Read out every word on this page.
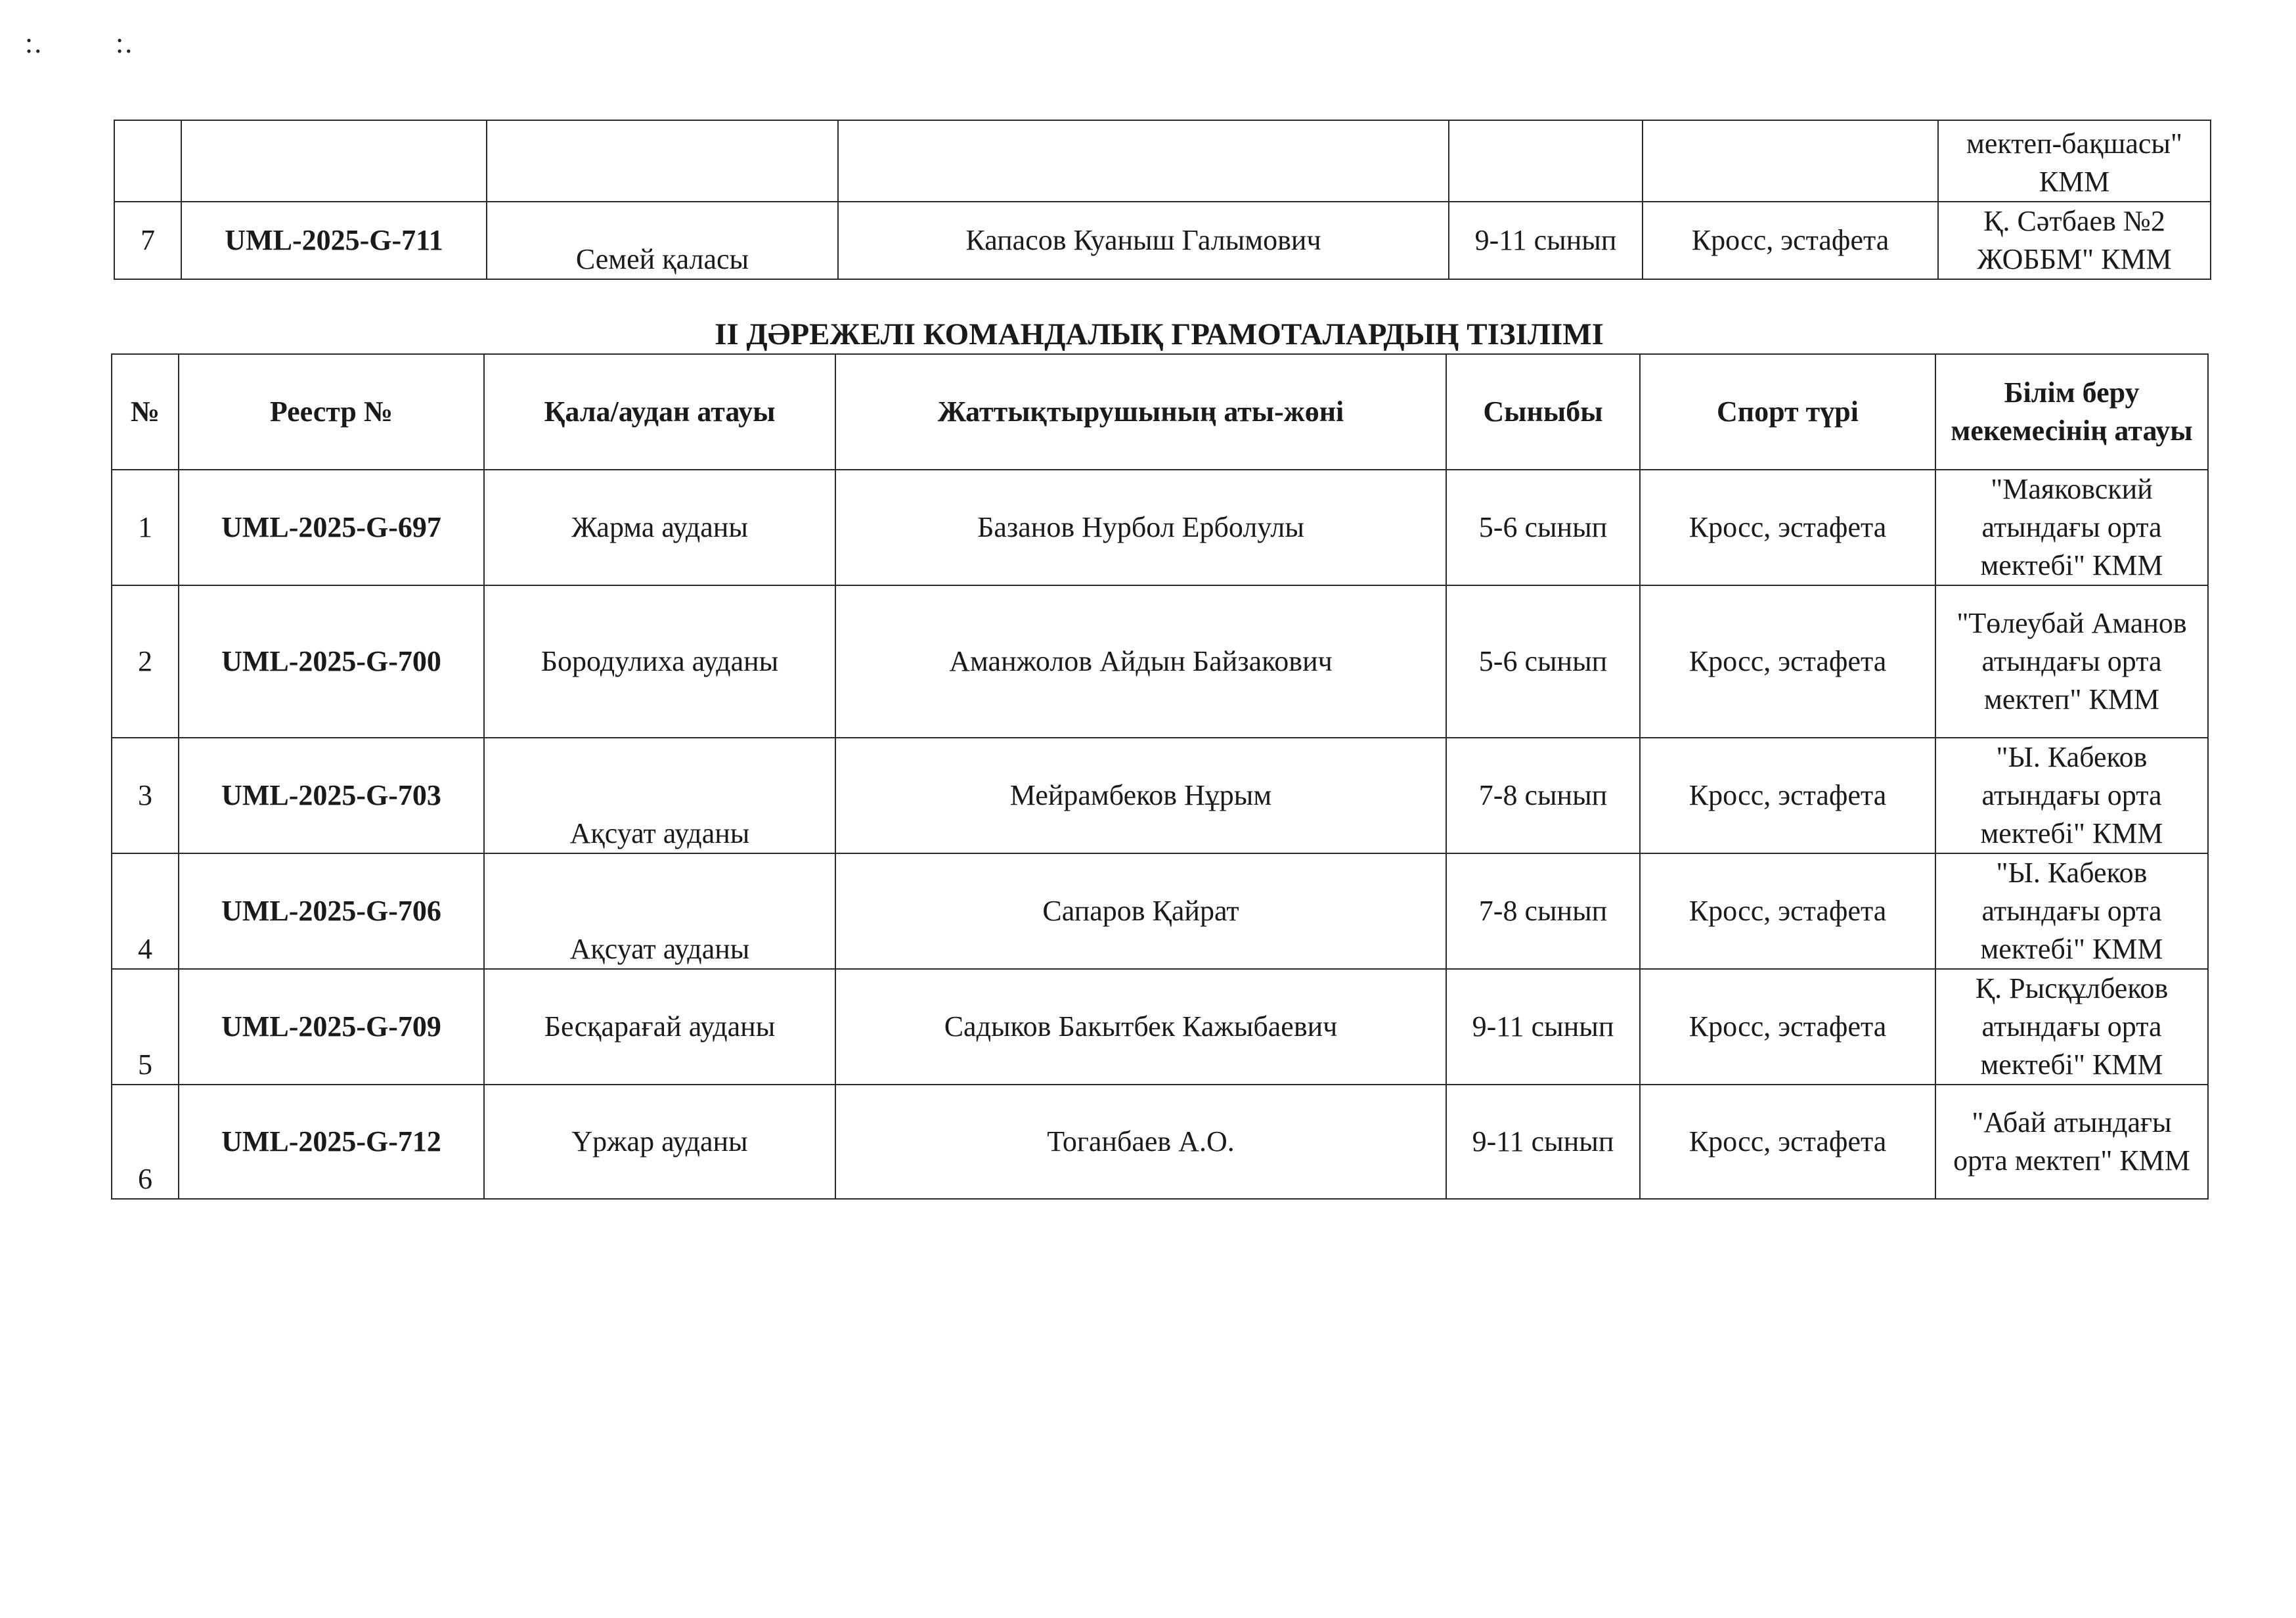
:.	:.
						мектеп-бақшасы" КММ
7	UML-2025-G-711	Семей қаласы	Капасов Куаныш Галымович	9-11 сынып	Кросс, эстафета	Қ. Сәтбаев №2 ЖОББМ" КММ
II ДӘРЕЖЕЛІ КОМАНДАЛЫҚ ГРАМОТАЛАРДЫҢ ТІЗІЛІМІ
№	Реестр №	Қала/аудан атауы	Жаттықтырушының аты-жөні	Сыныбы	Спорт түрі	Білім беру мекемесінің атауы
1	UML-2025-G-697	Жарма ауданы	Базанов Нурбол Ерболулы	5-6 сынып	Кросс, эстафета	"Маяковский атындағы орта мектебі" КММ
2	UML-2025-G-700	Бородулиха ауданы	Аманжолов Айдын Байзакович	5-6 сынып	Кросс, эстафета	"Төлеубай Аманов атындағы орта мектеп" КММ
3	UML-2025-G-703	Ақсуат ауданы	Мейрамбеков Нұрым	7-8 сынып	Кросс, эстафета	"Ы. Кабеков атындағы орта мектебі" КММ
4	UML-2025-G-706	Ақсуат ауданы	Сапаров Қайрат	7-8 сынып	Кросс, эстафета	"Ы. Кабеков атындағы орта мектебі" КММ
5	UML-2025-G-709	Бесқарағай ауданы	Садыков Бакытбек Кажыбаевич	9-11 сынып	Кросс, эстафета	Қ. Рысқұлбеков атындағы орта мектебі" КММ
6	UML-2025-G-712	Үржар ауданы	Тоганбаев А.О.	9-11 сынып	Кросс, эстафета	"Абай атындағы орта мектеп" КММ
